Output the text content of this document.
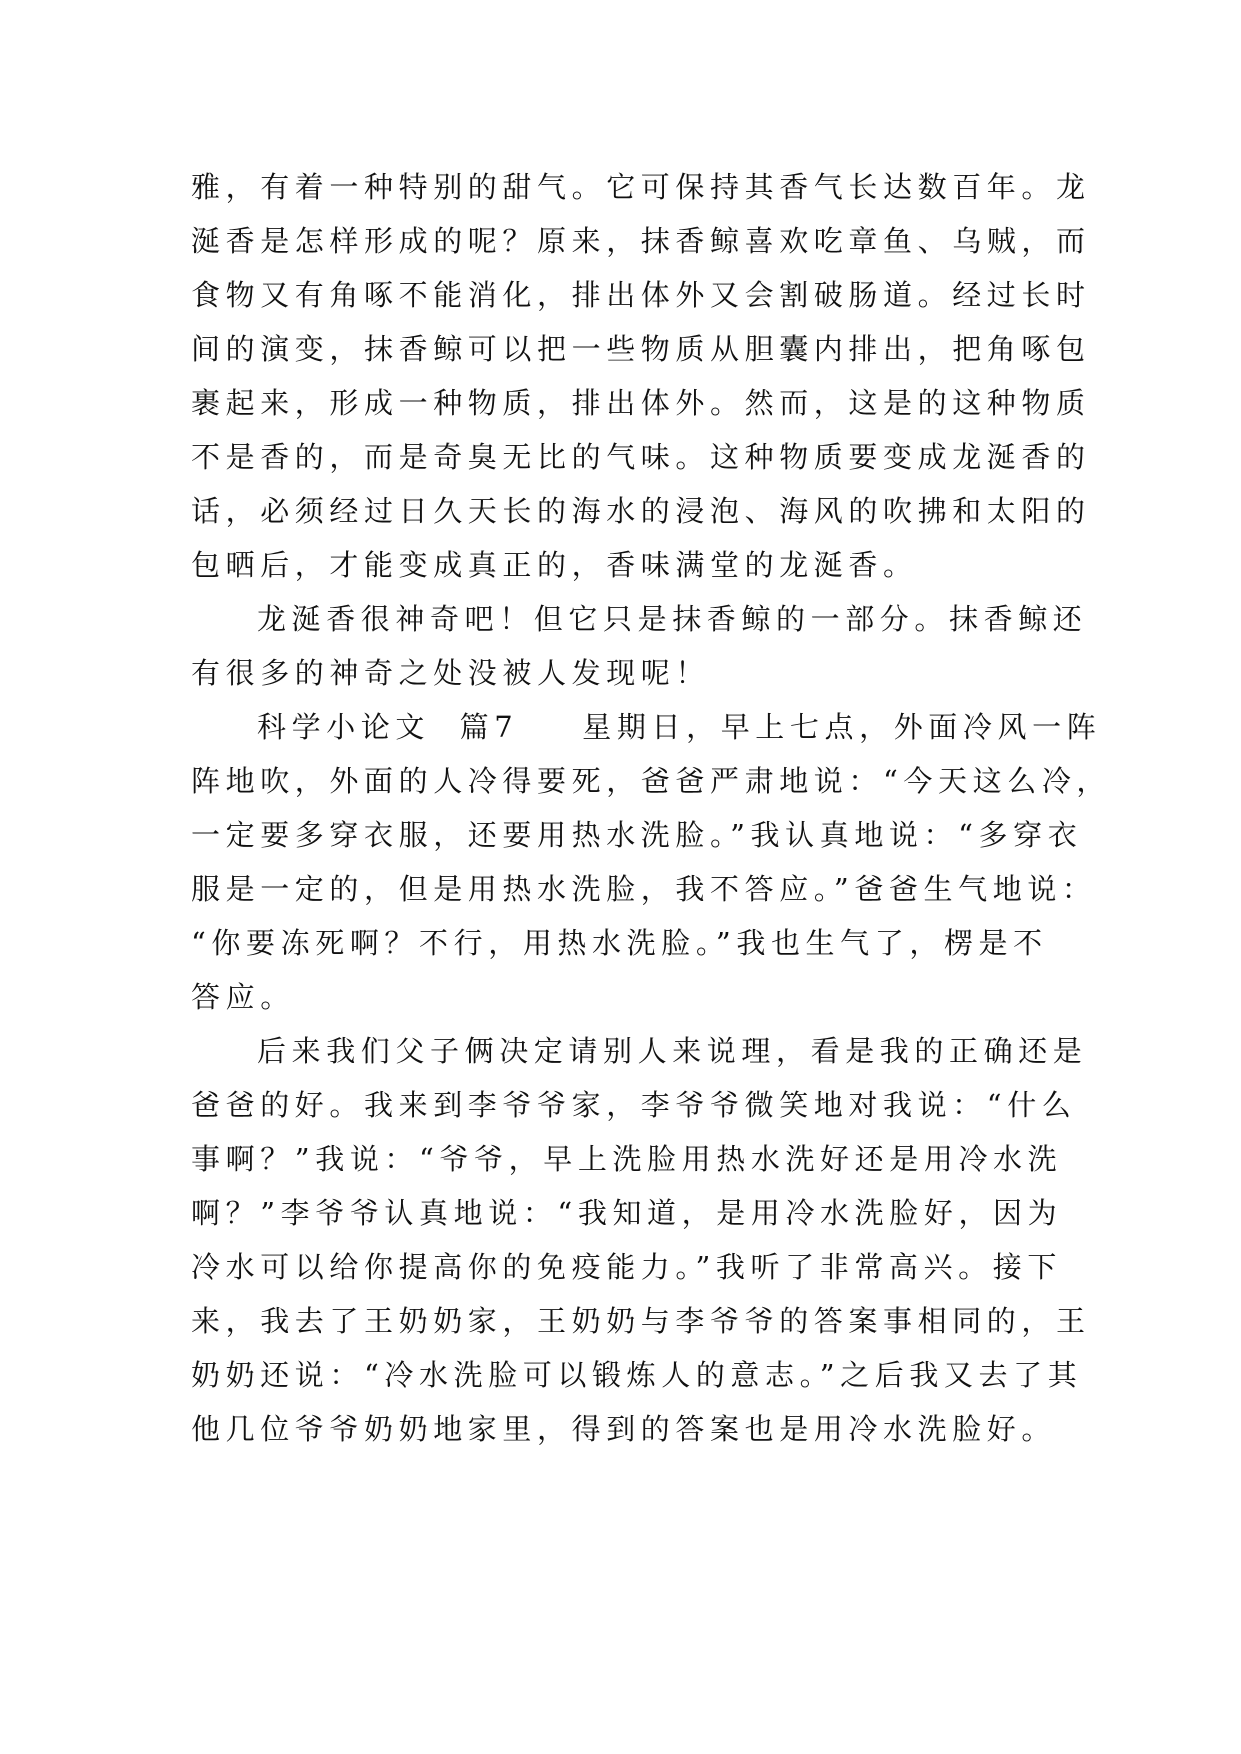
雅，有着一种特别的甜气。它可保持其香气长达数百年。龙
涎香是怎样形成的呢？原来，抹香鲸喜欢吃章鱼、乌贼，而
食物又有角啄不能消化，排出体外又会割破肠道。经过长时
间的演变，抹香鲸可以把一些物质从胆囊内排出，把角啄包
裹起来，形成一种物质，排出体外。然而，这是的这种物质
不是香的，而是奇臭无比的气味。这种物质要变成龙涎香的
话，必须经过日久天长的海水的浸泡、海风的吹拂和太阳的
包晒后，才能变成真正的，香味满堂的龙涎香。
龙涎香很神奇吧！但它只是抹香鲸的一部分。抹香鲸还
有很多的神奇之处没被人发现呢！
科学小论文  篇7 星期日，早上七点，外面冷风一阵
阵地吹，外面的人冷得要死，爸爸严肃地说：“今天这么冷，
一定要多穿衣服，还要用热水洗脸。”我认真地说：“多穿衣
服是一定的，但是用热水洗脸，我不答应。”爸爸生气地说：
“你要冻死啊？不行，用热水洗脸。”我也生气了，楞是不
答应。
后来我们父子俩决定请别人来说理，看是我的正确还是
爸爸的好。我来到李爷爷家，李爷爷微笑地对我说：“什么
事啊？”我说：“爷爷，早上洗脸用热水洗好还是用冷水洗
啊？”李爷爷认真地说：“我知道，是用冷水洗脸好，因为
冷水可以给你提高你的免疫能力。”我听了非常高兴。接下
来，我去了王奶奶家，王奶奶与李爷爷的答案事相同的，王
奶奶还说：“冷水洗脸可以锻炼人的意志。”之后我又去了其
他几位爷爷奶奶地家里，得到的答案也是用冷水洗脸好。
